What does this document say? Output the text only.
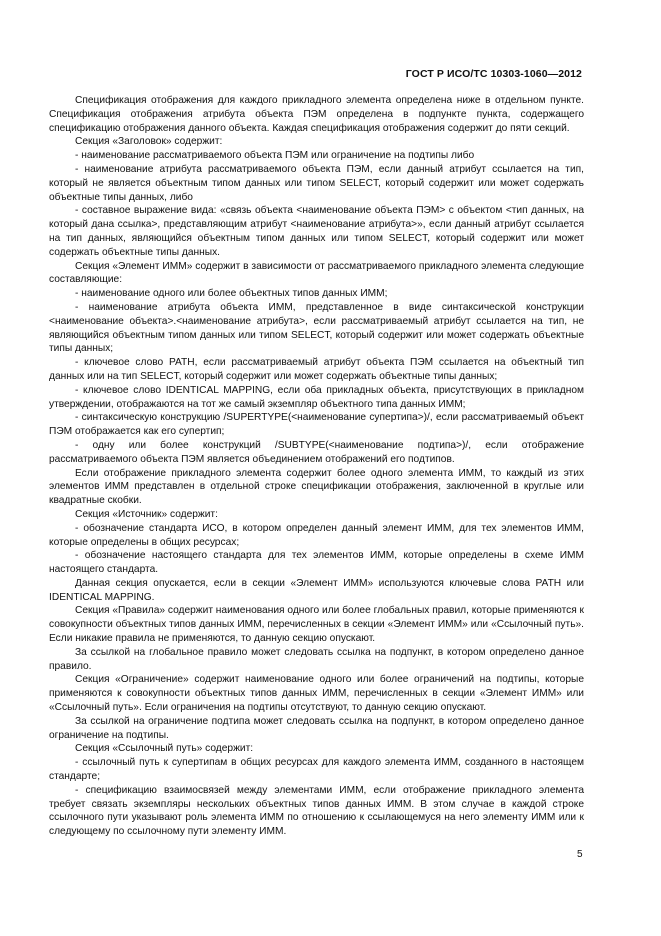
ГОСТ Р ИСО/ТС 10303-1060—2012

Спецификация отображения для каждого прикладного элемента определена ниже в отдельном пункте. Спецификация отображения атрибута объекта ПЭМ определена в подпункте пункта, содержащего спецификацию отображения данного объекта. Каждая спецификация отображения содержит до пяти секций.

Секция «Заголовок» содержит:

- наименование рассматриваемого объекта ПЭМ или ограничение на подтипы либо

- наименование атрибута рассматриваемого объекта ПЭМ, если данный атрибут ссылается на тип, который не является объектным типом данных или типом SELECT, который содержит или может содержать объектные типы данных, либо

- составное выражение вида: «связь объекта <наименование объекта ПЭМ> с объектом <тип данных, на который дана ссылка>, представляющим атрибут <наименование атрибута>», если данный атрибут ссылается на тип данных, являющийся объектным типом данных или типом SELECT, который содержит или может содержать объектные типы данных.

Секция «Элемент ИММ» содержит в зависимости от рассматриваемого прикладного элемента следующие составляющие:

- наименование одного или более объектных типов данных ИММ;

- наименование атрибута объекта ИММ, представленное в виде синтаксической конструкции <наименование объекта>.<наименование атрибута>, если рассматриваемый атрибут ссылается на тип, не являющийся объектным типом данных или типом SELECT, который содержит или может содержать объектные типы данных;

- ключевое слово PATH, если рассматриваемый атрибут объекта ПЭМ ссылается на объектный тип данных или на тип SELECT, который содержит или может содержать объектные типы данных;

- ключевое слово IDENTICAL MAPPING, если оба прикладных объекта, присутствующих в прикладном утверждении, отображаются на тот же самый экземпляр объектного типа данных ИММ;

- синтаксическую конструкцию /SUPERTYPE(<наименование супертипа>)/, если рассматриваемый объект ПЭМ отображается как его супертип;

- одну или более конструкций /SUBTYPE(<наименование подтипа>)/, если отображение рассматриваемого объекта ПЭМ является объединением отображений его подтипов.

Если отображение прикладного элемента содержит более одного элемента ИММ, то каждый из этих элементов ИММ представлен в отдельной строке спецификации отображения, заключенной в круглые или квадратные скобки.

Секция «Источник» содержит:

- обозначение стандарта ИСО, в котором определен данный элемент ИММ, для тех элементов ИММ, которые определены в общих ресурсах;

- обозначение настоящего стандарта для тех элементов ИММ, которые определены в схеме ИММ настоящего стандарта.

Данная секция опускается, если в секции «Элемент ИММ» используются ключевые слова PATH или IDENTICAL MAPPING.

Секция «Правила» содержит наименования одного или более глобальных правил, которые применяются к совокупности объектных типов данных ИММ, перечисленных в секции «Элемент ИММ» или «Ссылочный путь». Если никакие правила не применяются, то данную секцию опускают.

За ссылкой на глобальное правило может следовать ссылка на подпункт, в котором определено данное правило.

Секция «Ограничение» содержит наименование одного или более ограничений на подтипы, которые применяются к совокупности объектных типов данных ИММ, перечисленных в секции «Элемент ИММ» или «Ссылочный путь». Если ограничения на подтипы отсутствуют, то данную секцию опускают.

За ссылкой на ограничение подтипа может следовать ссылка на подпункт, в котором определено данное ограничение на подтипы.

Секция «Ссылочный путь» содержит:

- ссылочный путь к супертипам в общих ресурсах для каждого элемента ИММ, созданного в настоящем стандарте;

- спецификацию взаимосвязей между элементами ИММ, если отображение прикладного элемента требует связать экземпляры нескольких объектных типов данных ИММ. В этом случае в каждой строке ссылочного пути указывают роль элемента ИММ по отношению к ссылающемуся на него элементу ИММ или к следующему по ссылочному пути элементу ИММ.

5
